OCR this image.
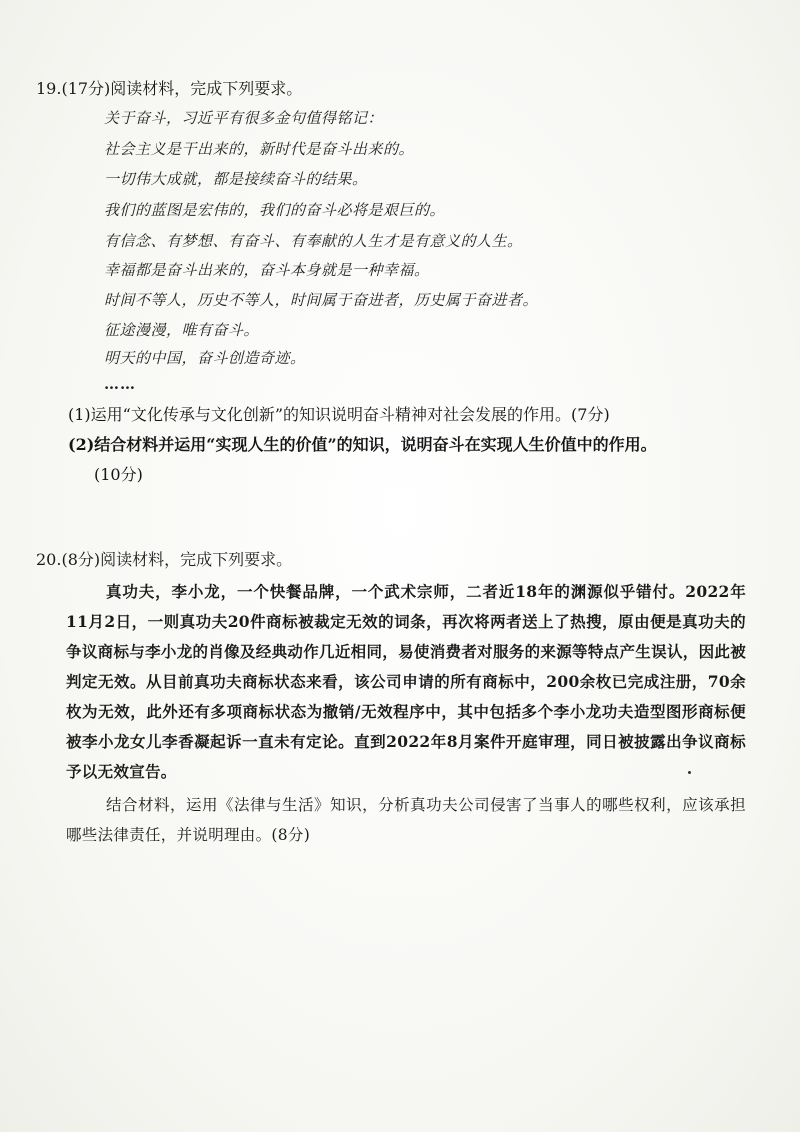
19.(17分)阅读材料，完成下列要求。
关于奋斗，习近平有很多金句值得铭记：
社会主义是干出来的，新时代是奋斗出来的。
一切伟大成就，都是接续奋斗的结果。
我们的蓝图是宏伟的，我们的奋斗必将是艰巨的。
有信念、有梦想、有奋斗、有奉献的人生才是有意义的人生。
幸福都是奋斗出来的，奋斗本身就是一种幸福。
时间不等人，历史不等人，时间属于奋进者，历史属于奋进者。
征途漫漫，唯有奋斗。
明天的中国，奋斗创造奇迹。
……
(1)运用“文化传承与文化创新”的知识说明奋斗精神对社会发展的作用。(7分)
(2)结合材料并运用“实现人生的价值”的知识，说明奋斗在实现人生价值中的作用。
(10分)
20.(8分)阅读材料，完成下列要求。
真功夫，李小龙，一个快餐品牌，一个武术宗师，二者近18年的渊源似乎错付。2022年11月2日，一则真功夫20件商标被裁定无效的词条，再次将两者送上了热搜，原由便是真功夫的争议商标与李小龙的肖像及经典动作几近相同，易使消费者对服务的来源等特点产生误认，因此被判定无效。从目前真功夫商标状态来看，该公司申请的所有商标中，200余枚已完成注册，70余枚为无效，此外还有多项商标状态为撤销/无效程序中，其中包括多个李小龙功夫造型图形商标便被李小龙女儿李香凝起诉一直未有定论。直到2022年8月案件开庭审理，同日被披露出争议商标予以无效宣告。
结合材料，运用《法律与生活》知识，分析真功夫公司侵害了当事人的哪些权利，应该承担哪些法律责任，并说明理由。(8分)
